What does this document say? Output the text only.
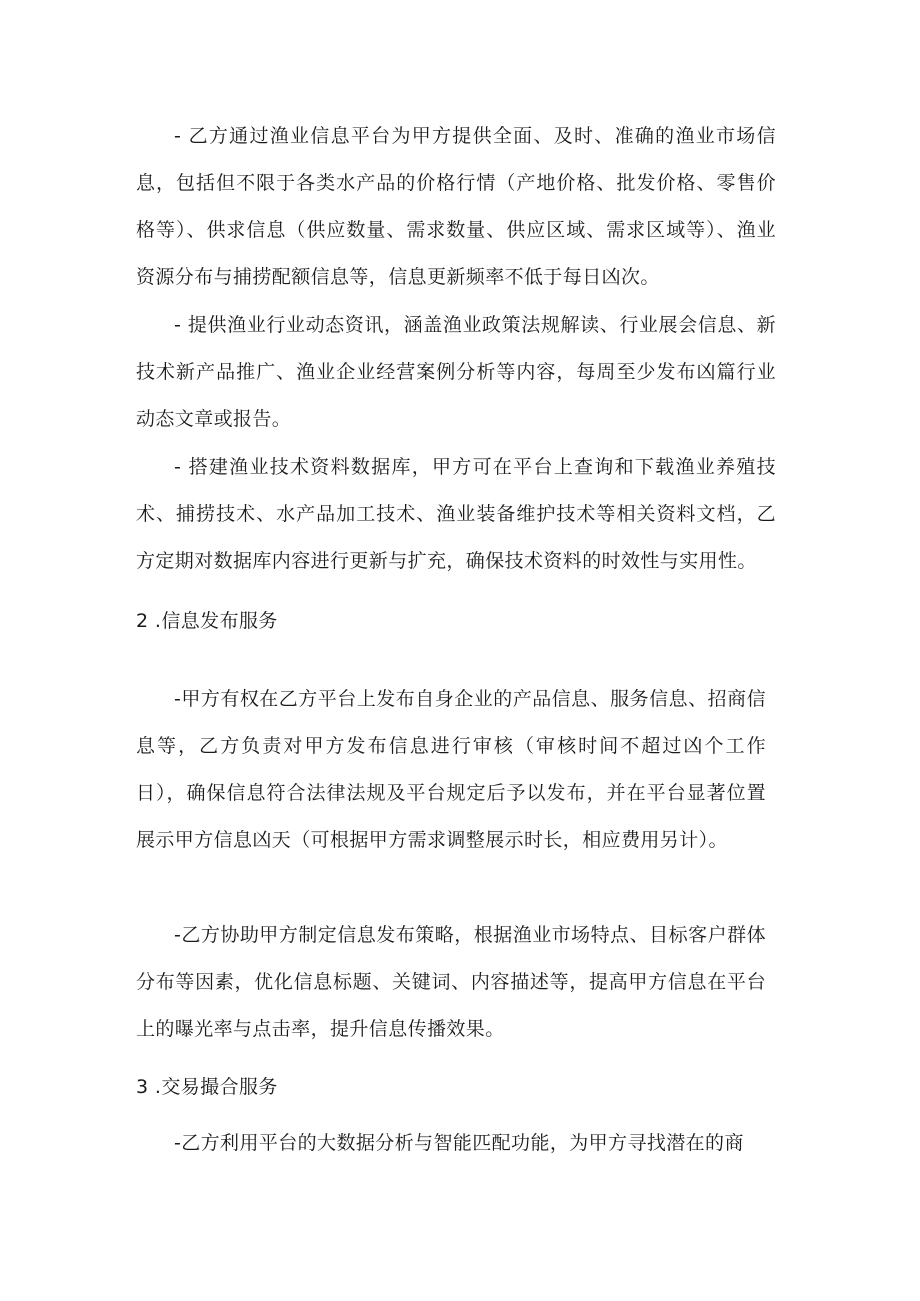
- 乙方通过渔业信息平台为甲方提供全面、及时、准确的渔业市场信息，包括但不限于各类水产品的价格行情（产地价格、批发价格、零售价格等）、供求信息（供应数量、需求数量、供应区域、需求区域等）、渔业资源分布与捕捞配额信息等，信息更新频率不低于每日凶次。

- 提供渔业行业动态资讯，涵盖渔业政策法规解读、行业展会信息、新技术新产品推广、渔业企业经营案例分析等内容，每周至少发布凶篇行业动态文章或报告。

- 搭建渔业技术资料数据库，甲方可在平台上查询和下载渔业养殖技术、捕捞技术、水产品加工技术、渔业装备维护技术等相关资料文档，乙方定期对数据库内容进行更新与扩充，确保技术资料的时效性与实用性。

2 .信息发布服务

-甲方有权在乙方平台上发布自身企业的产品信息、服务信息、招商信息等，乙方负责对甲方发布信息进行审核（审核时间不超过凶个工作日），确保信息符合法律法规及平台规定后予以发布，并在平台显著位置展示甲方信息凶天（可根据甲方需求调整展示时长，相应费用另计）。

-乙方协助甲方制定信息发布策略，根据渔业市场特点、目标客户群体分布等因素，优化信息标题、关键词、内容描述等，提高甲方信息在平台上的曝光率与点击率，提升信息传播效果。

3 .交易撮合服务

-乙方利用平台的大数据分析与智能匹配功能，为甲方寻找潜在的商
